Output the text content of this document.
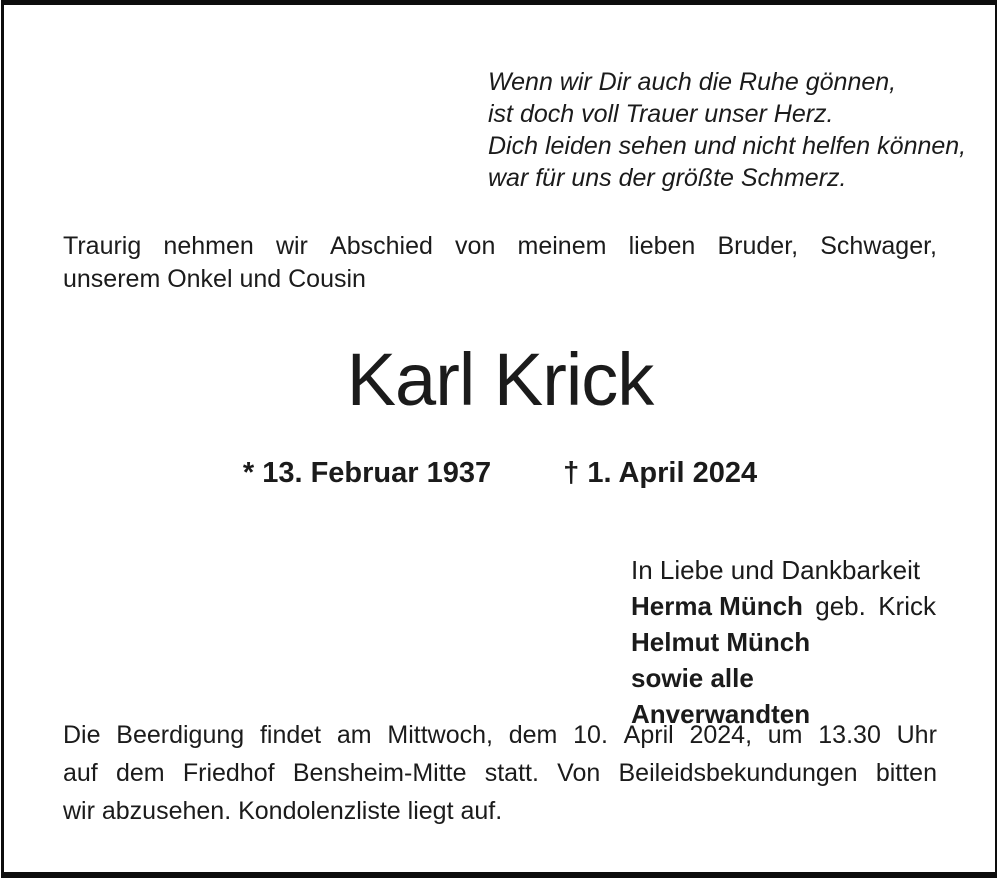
Wenn wir Dir auch die Ruhe gönnen,
ist doch voll Trauer unser Herz.
Dich leiden sehen und nicht helfen können,
war für uns der größte Schmerz.
Traurig nehmen wir Abschied von meinem lieben Bruder, Schwager,
unserem Onkel und Cousin
Karl Krick
* 13. Februar 1937 † 1. April 2024
In Liebe und Dankbarkeit
Herma Münch geb. Krick
Helmut Münch
sowie alle Anverwandten
Die Beerdigung findet am Mittwoch, dem 10. April 2024, um 13.30 Uhr
auf dem Friedhof Bensheim-Mitte statt. Von Beileidsbekundungen bitten
wir abzusehen. Kondolenzliste liegt auf.
